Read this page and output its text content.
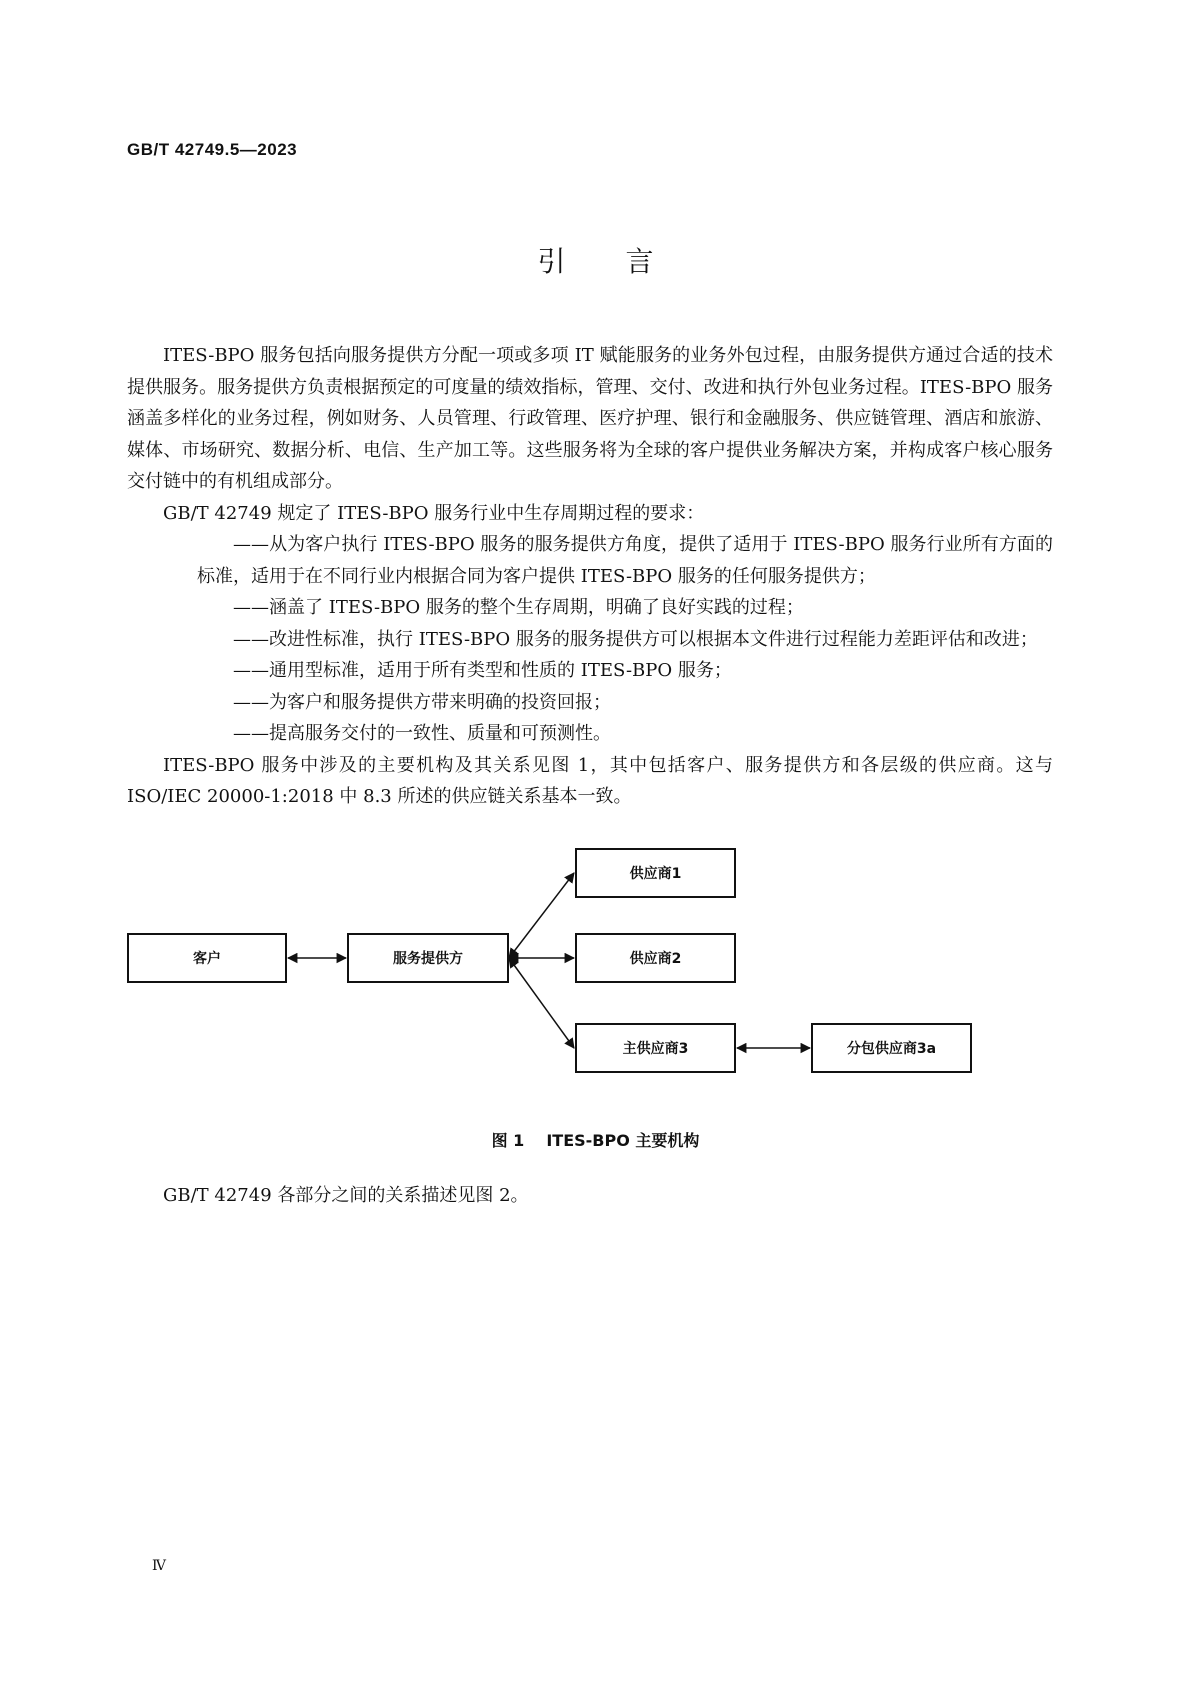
GB/T 42749.5—2023
引言

ITES-BPO 服务包括向服务提供方分配一项或多项 IT 赋能服务的业务外包过程，由服务提供方通过合适的技术提供服务。服务提供方负责根据预定的可度量的绩效指标，管理、交付、改进和执行外包业务过程。ITES-BPO 服务涵盖多样化的业务过程，例如财务、人员管理、行政管理、医疗护理、银行和金融服务、供应链管理、酒店和旅游、媒体、市场研究、数据分析、电信、生产加工等。这些服务将为全球的客户提供业务解决方案，并构成客户核心服务交付链中的有机组成部分。

GB/T 42749 规定了 ITES-BPO 服务行业中生存周期过程的要求：

——从为客户执行 ITES-BPO 服务的服务提供方角度，提供了适用于 ITES-BPO 服务行业所有方面的标准，适用于在不同行业内根据合同为客户提供 ITES-BPO 服务的任何服务提供方；

——涵盖了 ITES-BPO 服务的整个生存周期，明确了良好实践的过程；

——改进性标准，执行 ITES-BPO 服务的服务提供方可以根据本文件进行过程能力差距评估和改进；

——通用型标准，适用于所有类型和性质的 ITES-BPO 服务；

——为客户和服务提供方带来明确的投资回报；

——提高服务交付的一致性、质量和可预测性。

ITES-BPO 服务中涉及的主要机构及其关系见图 1，其中包括客户、服务提供方和各层级的供应商。这与 ISO/IEC 20000-1:2018 中 8.3 所述的供应链关系基本一致。

客户	服务提供方
供应商1
供应商2
主供应商3	分包供应商3a
图 1 ITES-BPO 主要机构
GB/T 42749 各部分之间的关系描述见图 2。
Ⅳ
